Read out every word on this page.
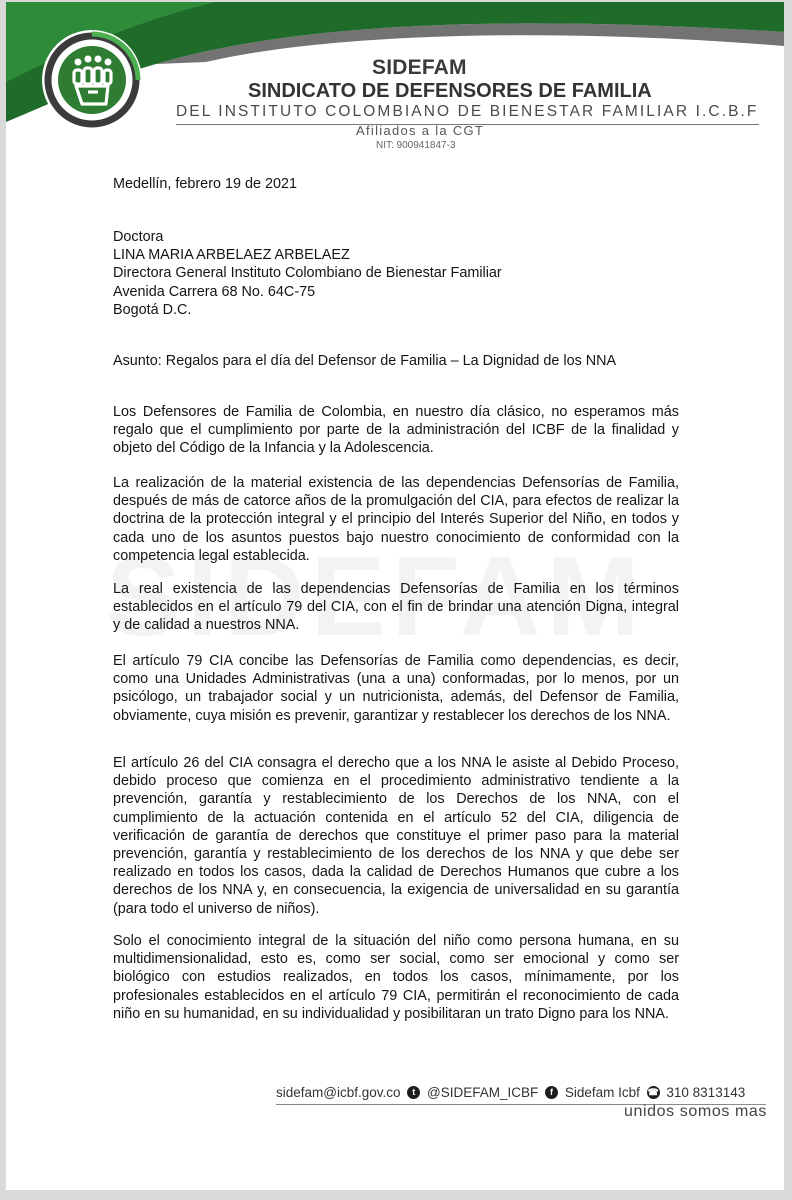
SIDEFAM
SINDICATO DE DEFENSORES DE FAMILIA
DEL INSTITUTO COLOMBIANO DE BIENESTAR FAMILIAR I.C.B.F
Afiliados a la CGT
NIT: 900941847-3
Medellín, febrero 19 de 2021
Doctora
LINA MARIA ARBELAEZ ARBELAEZ
Directora General Instituto Colombiano de Bienestar Familiar
Avenida Carrera 68 No. 64C-75
Bogotá D.C.
Asunto: Regalos para el día del Defensor de Familia – La Dignidad de los NNA
Los Defensores de Familia de Colombia, en nuestro día clásico, no esperamos más regalo que el cumplimiento por parte de la administración del ICBF de la finalidad y objeto del Código de la Infancia y la Adolescencia.
La realización de la material existencia de las dependencias Defensorías de Familia, después de más de catorce años de la promulgación del CIA, para efectos de realizar la doctrina de la protección integral y el principio del Interés Superior del Niño, en todos y cada uno de los asuntos puestos bajo nuestro conocimiento de conformidad con la competencia legal establecida.
La real existencia de las dependencias Defensorías de Familia en los términos establecidos en el artículo 79 del CIA, con el fin de brindar una atención Digna, integral y de calidad a nuestros NNA.
El artículo 79 CIA concibe las Defensorías de Familia como dependencias, es decir, como una Unidades Administrativas (una a una) conformadas, por lo menos, por un psicólogo, un trabajador social y un nutricionista, además, del Defensor de Familia, obviamente, cuya misión es prevenir, garantizar y restablecer los derechos de los NNA.
El artículo 26 del CIA consagra el derecho que a los NNA le asiste al Debido Proceso, debido proceso que comienza en el procedimiento administrativo tendiente a la prevención, garantía y restablecimiento de los Derechos de los NNA, con el cumplimiento de la actuación contenida en el artículo 52 del CIA, diligencia de verificación de garantía de derechos que constituye el primer paso para la material prevención, garantía y restablecimiento de los derechos de los NNA y que debe ser realizado en todos los casos, dada la calidad de Derechos Humanos que cubre a los derechos de los NNA y, en consecuencia, la exigencia de universalidad en su garantía (para todo el universo de niños).
Solo el conocimiento integral de la situación del niño como persona humana, en su multidimensionalidad, esto es, como ser social, como ser emocional y como ser biológico con estudios realizados, en todos los casos, mínimamente, por los profesionales establecidos en el artículo 79 CIA, permitirán el reconocimiento de cada niño en su humanidad, en su individualidad y posibilitaran un trato Digno para los NNA.
sidefam@icbf.gov.co t @SIDEFAM_ICBF f Sidefam Icbf ☎ 310 8313143
unidos somos mas
